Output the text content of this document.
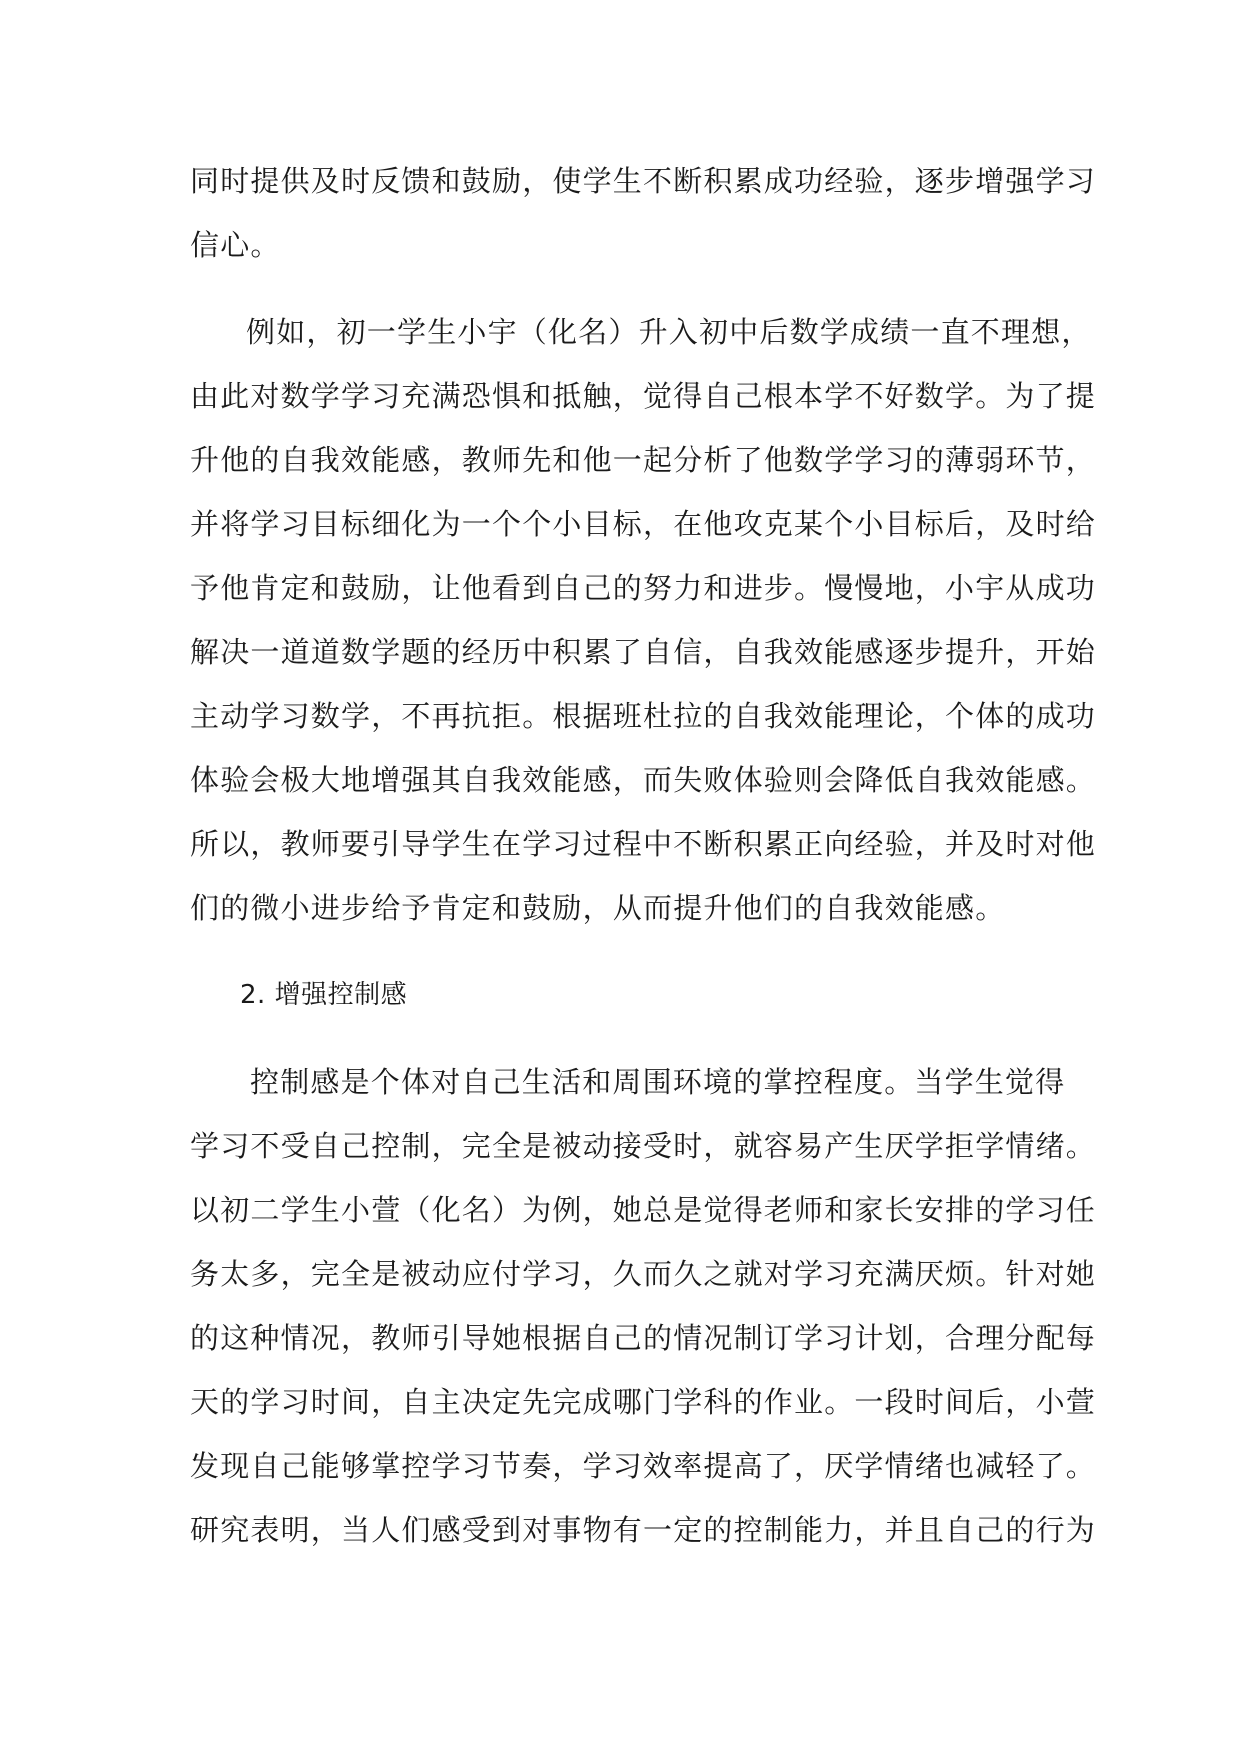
同时提供及时反馈和鼓励，使学生不断积累成功经验，逐步增强学习
信心。
例如，初一学生小宇（化名）升入初中后数学成绩一直不理想，
由此对数学学习充满恐惧和抵触，觉得自己根本学不好数学。为了提
升他的自我效能感，教师先和他一起分析了他数学学习的薄弱环节，
并将学习目标细化为一个个小目标，在他攻克某个小目标后，及时给
予他肯定和鼓励，让他看到自己的努力和进步。慢慢地，小宇从成功
解决一道道数学题的经历中积累了自信，自我效能感逐步提升，开始
主动学习数学，不再抗拒。根据班杜拉的自我效能理论，个体的成功
体验会极大地增强其自我效能感，而失败体验则会降低自我效能感。
所以，教师要引导学生在学习过程中不断积累正向经验，并及时对他
们的微小进步给予肯定和鼓励，从而提升他们的自我效能感。
2. 增强控制感
控制感是个体对自己生活和周围环境的掌控程度。当学生觉得
学习不受自己控制，完全是被动接受时，就容易产生厌学拒学情绪。
以初二学生小萱（化名）为例，她总是觉得老师和家长安排的学习任
务太多，完全是被动应付学习，久而久之就对学习充满厌烦。针对她
的这种情况，教师引导她根据自己的情况制订学习计划，合理分配每
天的学习时间，自主决定先完成哪门学科的作业。一段时间后，小萱
发现自己能够掌控学习节奏，学习效率提高了，厌学情绪也减轻了。
研究表明，当人们感受到对事物有一定的控制能力，并且自己的行为
